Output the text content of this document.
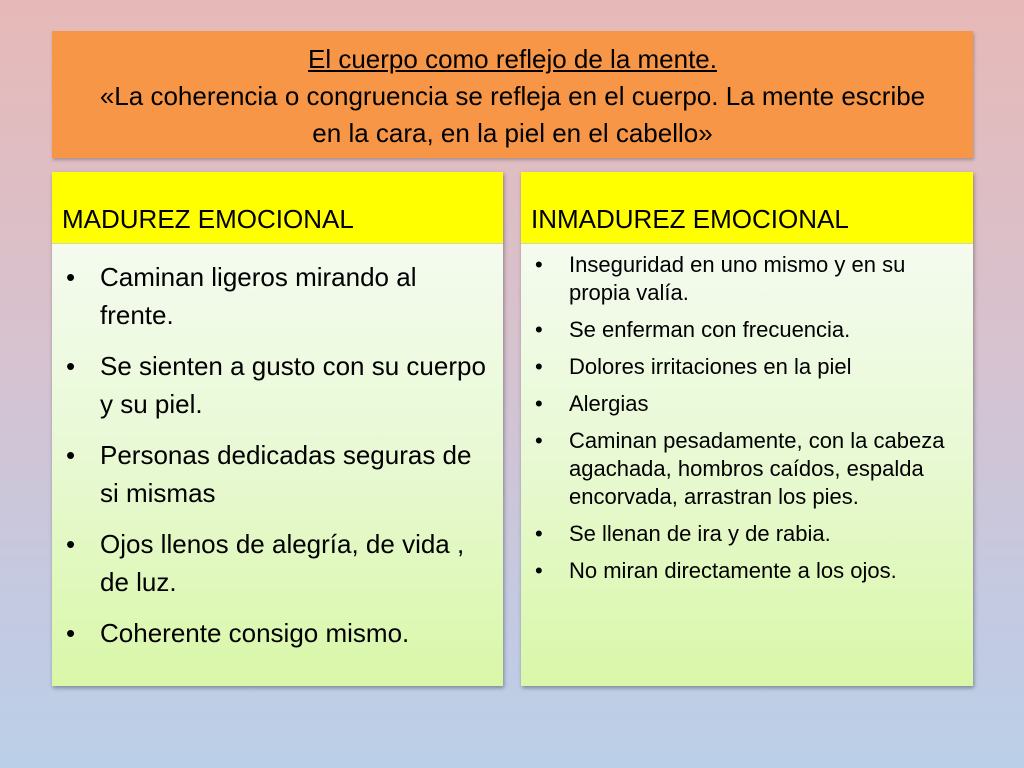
El cuerpo como reflejo de la mente.
«La coherencia o congruencia se refleja en el cuerpo. La mente escribe en la cara, en la piel en el cabello»
MADUREZ EMOCIONAL
• Caminan ligeros mirando al frente.
• Se sienten a gusto con su cuerpo y su piel.
• Personas dedicadas seguras de si mismas
• Ojos llenos de alegría, de vida , de luz.
• Coherente consigo mismo.
INMADUREZ EMOCIONAL
• Inseguridad en uno mismo y en su propia valía.
• Se enferman con frecuencia.
• Dolores irritaciones en la piel
• Alergias
• Caminan pesadamente, con la cabeza agachada, hombros caídos, espalda encorvada, arrastran los pies.
• Se llenan de ira y de rabia.
• No miran directamente a los ojos.
